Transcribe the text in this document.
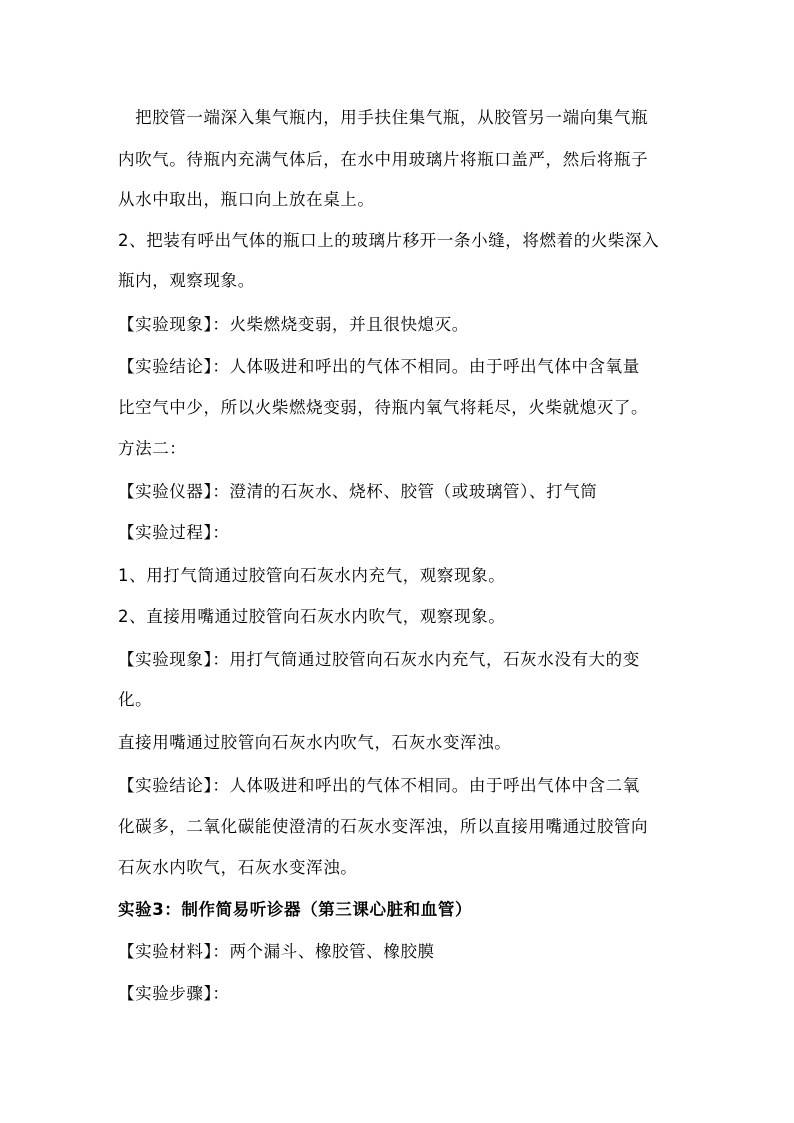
　把胶管一端深入集气瓶内，用手扶住集气瓶，从胶管另一端向集气瓶
内吹气。待瓶内充满气体后，在水中用玻璃片将瓶口盖严，然后将瓶子
从水中取出，瓶口向上放在桌上。
2、把装有呼出气体的瓶口上的玻璃片移开一条小缝，将燃着的火柴深入
瓶内，观察现象。
【实验现象】：火柴燃烧变弱，并且很快熄灭。
【实验结论】：人体吸进和呼出的气体不相同。由于呼出气体中含氧量
比空气中少，所以火柴燃烧变弱，待瓶内氧气将耗尽，火柴就熄灭了。
方法二：
【实验仪器】：澄清的石灰水、烧杯、胶管（或玻璃管）、打气筒
【实验过程】：
1、用打气筒通过胶管向石灰水内充气，观察现象。
2、直接用嘴通过胶管向石灰水内吹气，观察现象。
【实验现象】：用打气筒通过胶管向石灰水内充气，石灰水没有大的变
化。
直接用嘴通过胶管向石灰水内吹气，石灰水变浑浊。
【实验结论】：人体吸进和呼出的气体不相同。由于呼出气体中含二氧
化碳多，二氧化碳能使澄清的石灰水变浑浊，所以直接用嘴通过胶管向
石灰水内吹气，石灰水变浑浊。
实验3：制作简易听诊器（第三课心脏和血管）
【实验材料】：两个漏斗、橡胶管、橡胶膜
【实验步骤】：
